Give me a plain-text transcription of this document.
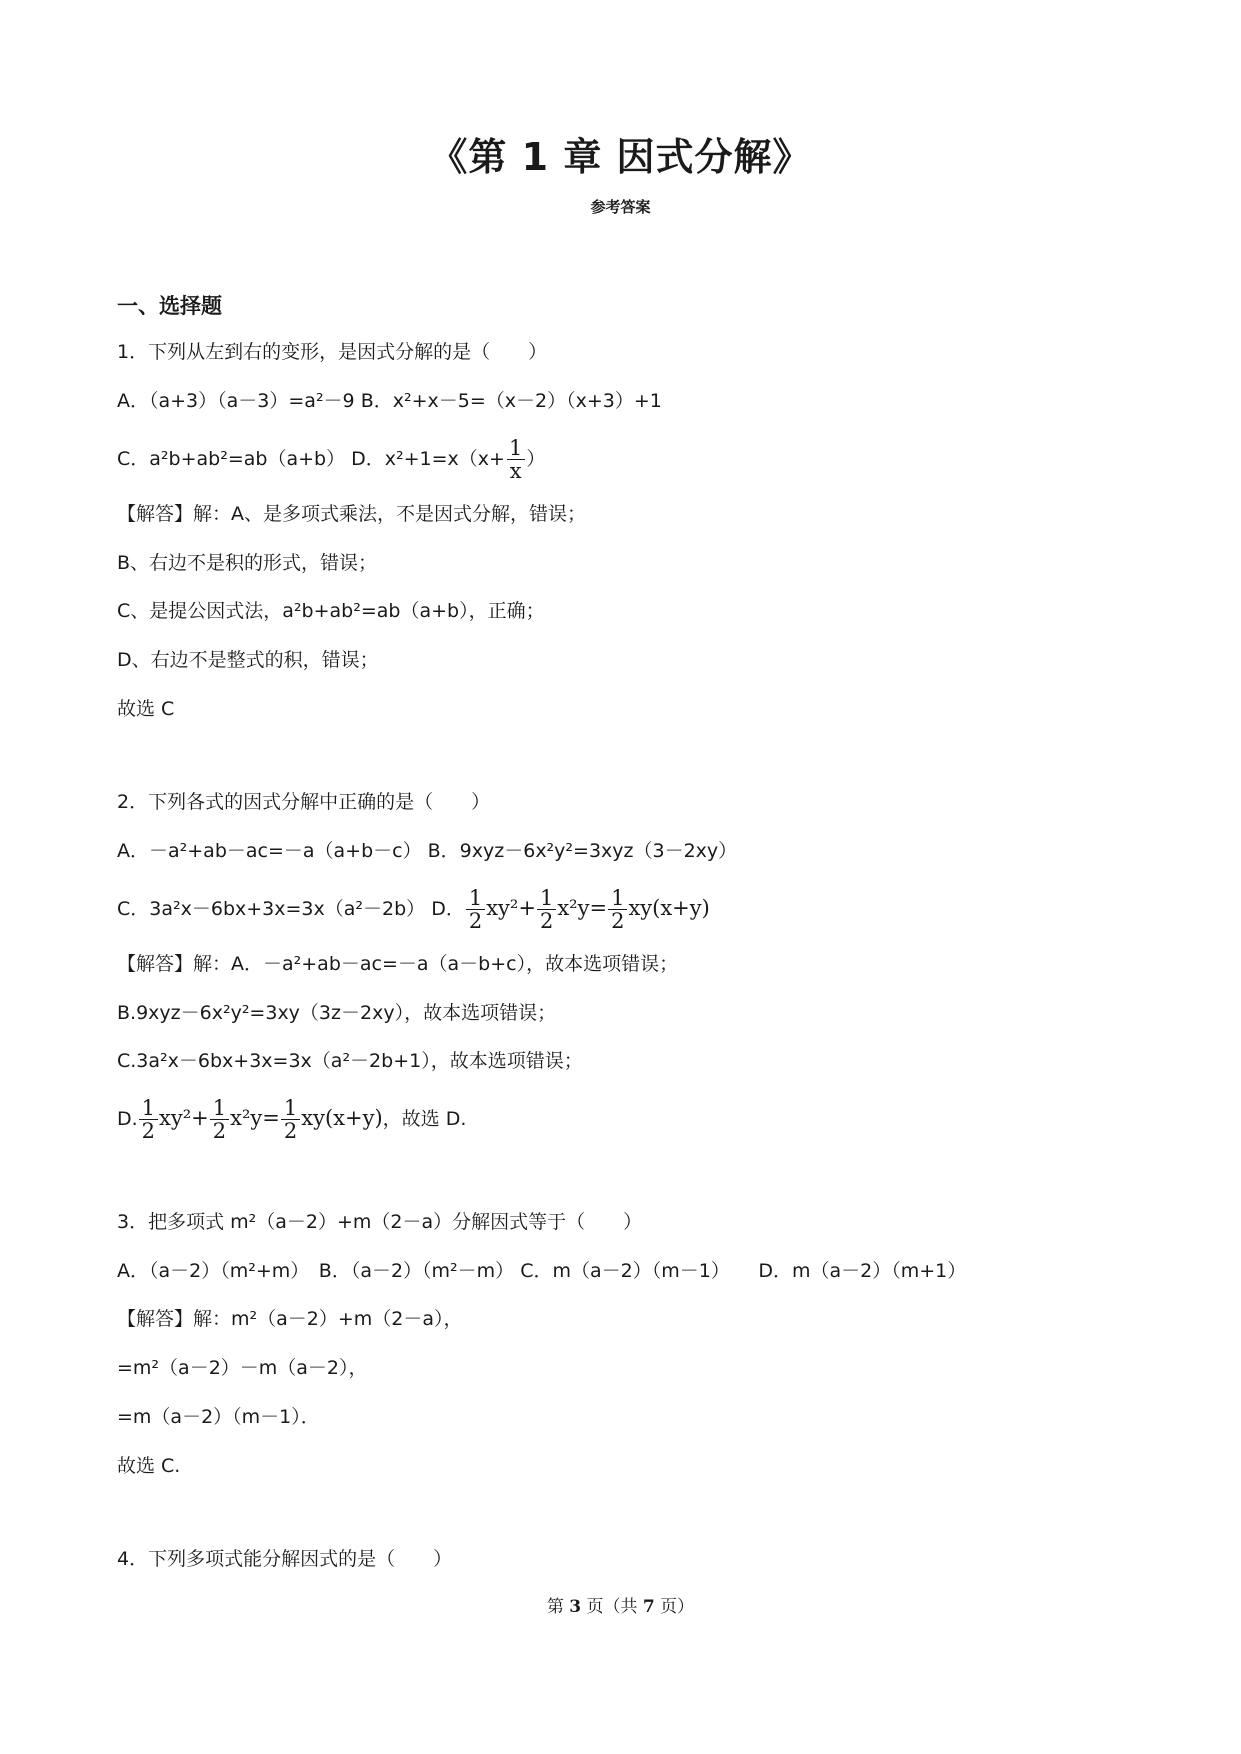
《第 1 章 因式分解》
参考答案
一、选择题
1．下列从左到右的变形，是因式分解的是（　　）
A．（a+3）（a－3）=a²－9 B．x²+x－5=（x－2）（x+3）+1
C．a²b+ab²=ab（a+b） D．$x^2+1=x(x+ \frac{1}{x}$ ）
【解答】解：A、是多项式乘法，不是因式分解，错误；
B、右边不是积的形式，错误；
C、是提公因式法，a²b+ab²=ab（a+b），正确；
D、右边不是整式的积，错误；
故选 C
2．下列各式的因式分解中正确的是（　　）
A．－a²+ab－ac=－a（a+b－c） B．9xyz－6x²y²=3xyz（3－2xy）
C．3a²x－6bx+3x=3x（a²－2b） D． $\frac{1}{2} xy^2+ \frac{1}{2} x^2y= \frac{1}{2} xy(x+y)$
【解答】解：A．－a²+ab－ac=－a（a－b+c），故本选项错误；
B.9xyz－6x²y²=3xy（3z－2xy），故本选项错误；
C.3a²x－6bx+3x=3x（a²－2b+1），故本选项错误；
D. $\frac{1}{2} xy^2+ \frac{1}{2} x^2y= \frac{1}{2} xy(x+y)$，故选 D.
3．把多项式 m²（a－2）+m（2－a）分解因式等于（　　）
A．（a－2）（m²+m）　B．（a－2）（m²－m） C．m（a－2）（m－1）　　D．m（a－2）（m+1）
【解答】解：m²（a－2）+m（2－a），
=m²（a－2）－m（a－2），
=m（a－2）（m－1）．
故选 C.
4．下列多项式能分解因式的是（　　）
第 3 页（共 7 页）
